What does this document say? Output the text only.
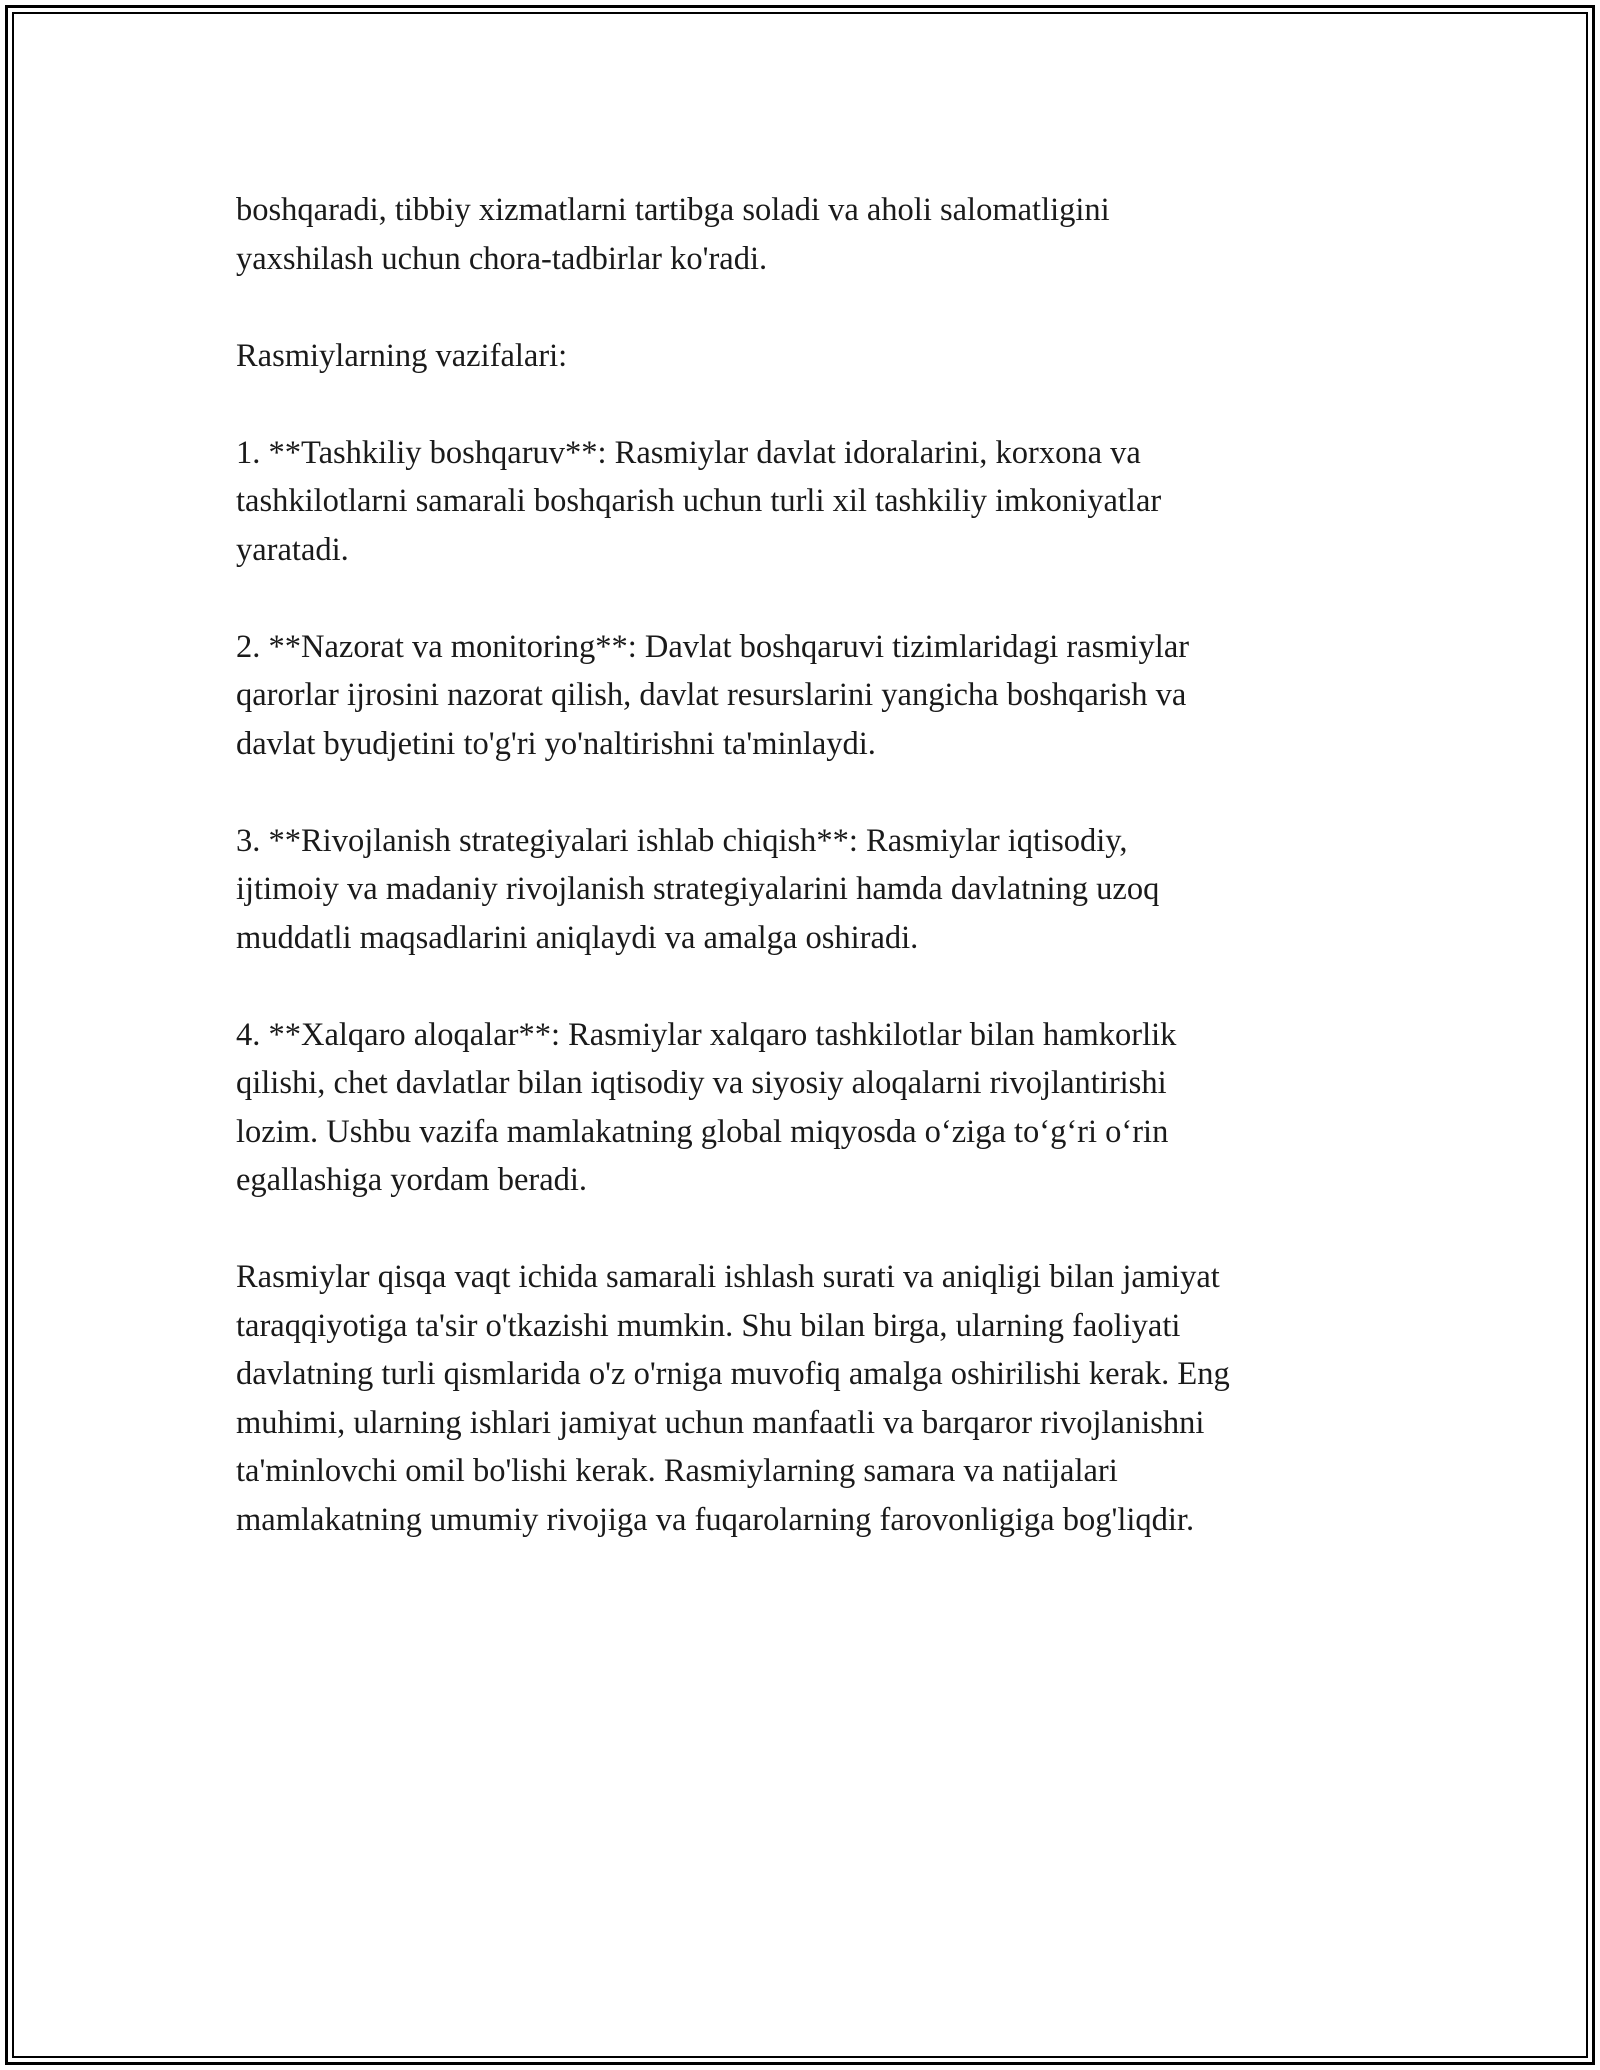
boshqaradi, tibbiy xizmatlarni tartibga soladi va aholi salomatligini
yaxshilash uchun chora-tadbirlar ko'radi.

Rasmiylarning vazifalari:

1. **Tashkiliy boshqaruv**: Rasmiylar davlat idoralarini, korxona va
tashkilotlarni samarali boshqarish uchun turli xil tashkiliy imkoniyatlar
yaratadi.

2. **Nazorat va monitoring**: Davlat boshqaruvi tizimlaridagi rasmiylar
qarorlar ijrosini nazorat qilish, davlat resurslarini yangicha boshqarish va
davlat byudjetini to'g'ri yo'naltirishni ta'minlaydi.

3. **Rivojlanish strategiyalari ishlab chiqish**: Rasmiylar iqtisodiy,
ijtimoiy va madaniy rivojlanish strategiyalarini hamda davlatning uzoq
muddatli maqsadlarini aniqlaydi va amalga oshiradi.

4. **Xalqaro aloqalar**: Rasmiylar xalqaro tashkilotlar bilan hamkorlik
qilishi, chet davlatlar bilan iqtisodiy va siyosiy aloqalarni rivojlantirishi
lozim. Ushbu vazifa mamlakatning global miqyosda o‘ziga to‘g‘ri o‘rin
egallashiga yordam beradi.

Rasmiylar qisqa vaqt ichida samarali ishlash surati va aniqligi bilan jamiyat
taraqqiyotiga ta'sir o'tkazishi mumkin. Shu bilan birga, ularning faoliyati
davlatning turli qismlarida o'z o'rniga muvofiq amalga oshirilishi kerak. Eng
muhimi, ularning ishlari jamiyat uchun manfaatli va barqaror rivojlanishni
ta'minlovchi omil bo'lishi kerak. Rasmiylarning samara va natijalari
mamlakatning umumiy rivojiga va fuqarolarning farovonligiga bog'liqdir.
